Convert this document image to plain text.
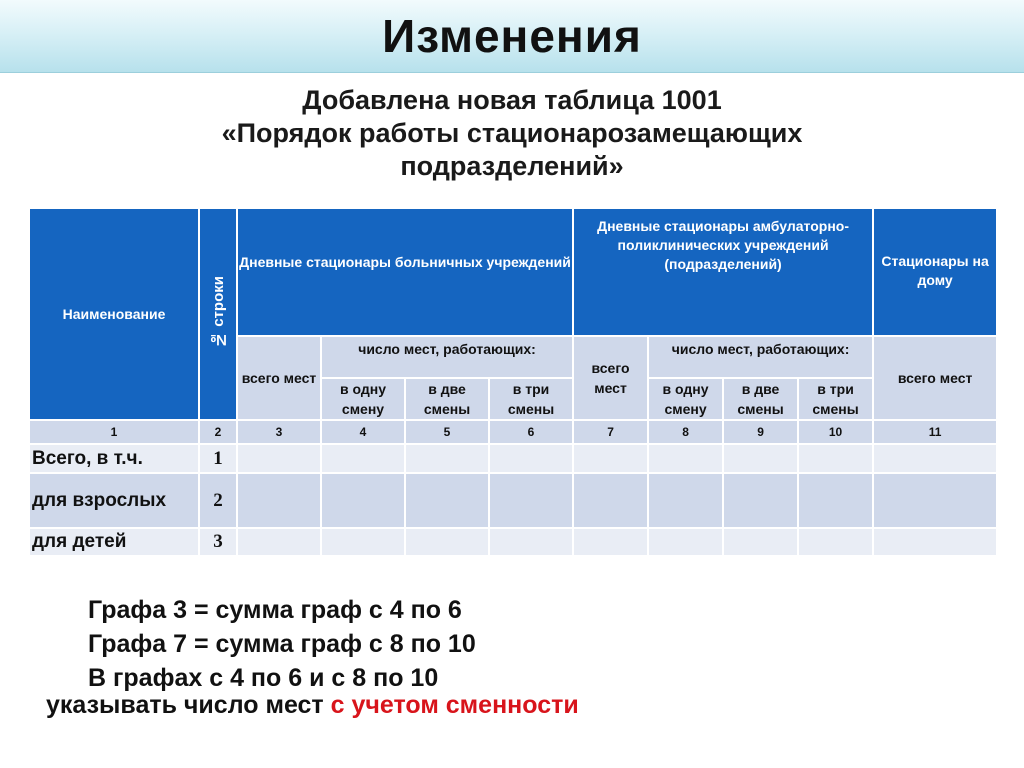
Изменения
Добавлена новая таблица 1001
«Порядок работы стационарозамещающих
подразделений»
Наименование	№ строки	Дневные стационары больничных учреждений				Дневные стационары амбулаторно-поликлинических учреждений (подразделений)				Стационары на дому
		всего мест	число мест, работающих:			всего мест	число мест, работающих:			всего мест
			в одну смену	в две смены	в три смены		в одну смену	в две смены	в три смены	
1	2	3	4	5	6	7	8	9	10	11
Всего, в т.ч.	1									
для взрослых	2									
для детей	3									
Графа 3 = сумма граф с 4 по 6
Графа 7 = сумма граф с 8 по 10
В графах с 4 по 6 и с 8 по 10
указывать число мест с учетом сменности
